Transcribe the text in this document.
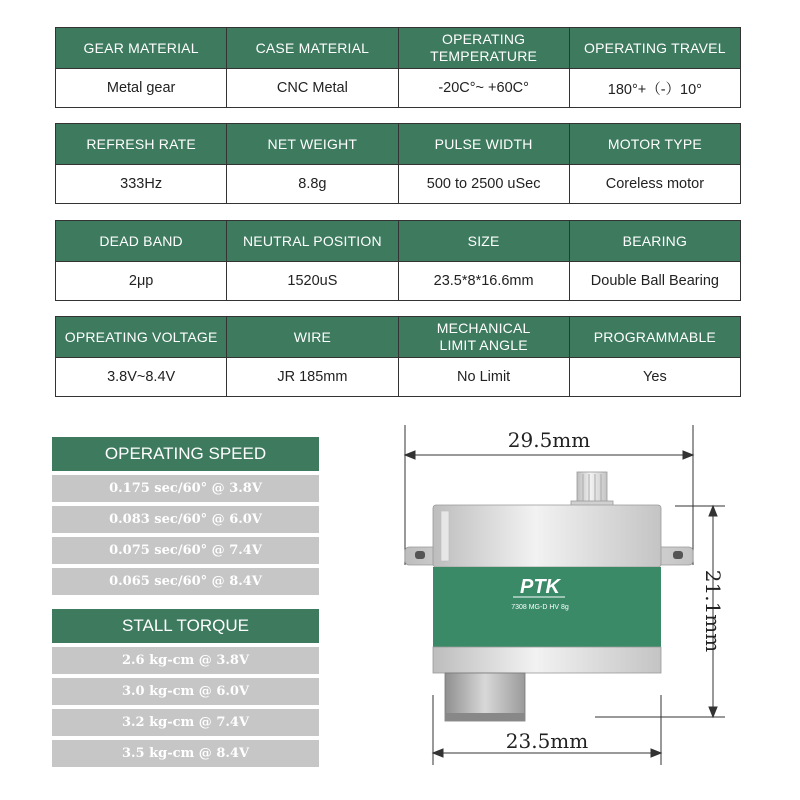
GEAR MATERIAL	CASE MATERIAL	OPERATING TEMPERATURE	OPERATING TRAVEL
Metal gear	CNC Metal	-20C°~ +60C°	180°+（-）10°
REFRESH RATE	NET WEIGHT	PULSE WIDTH	MOTOR TYPE
333Hz	8.8g	500 to 2500 uSec	Coreless motor
DEAD BAND	NEUTRAL POSITION	SIZE	BEARING
2μp	1520uS	23.5*8*16.6mm	Double Ball Bearing
OPREATING VOLTAGE	WIRE	MECHANICAL LIMIT ANGLE	PROGRAMMABLE
3.8V~8.4V	JR 185mm	No Limit	Yes
OPERATING SPEED
0.175 sec/60° @ 3.8V
0.083 sec/60° @ 6.0V
0.075 sec/60° @ 7.4V
0.065 sec/60° @ 8.4V
STALL TORQUE
2.6 kg-cm @ 3.8V
3.0 kg-cm @ 6.0V
3.2 kg-cm @ 7.4V
3.5 kg-cm @ 8.4V
29.5mm
21.1mm
23.5mm
PTK
7308 MG-D HV 8g
